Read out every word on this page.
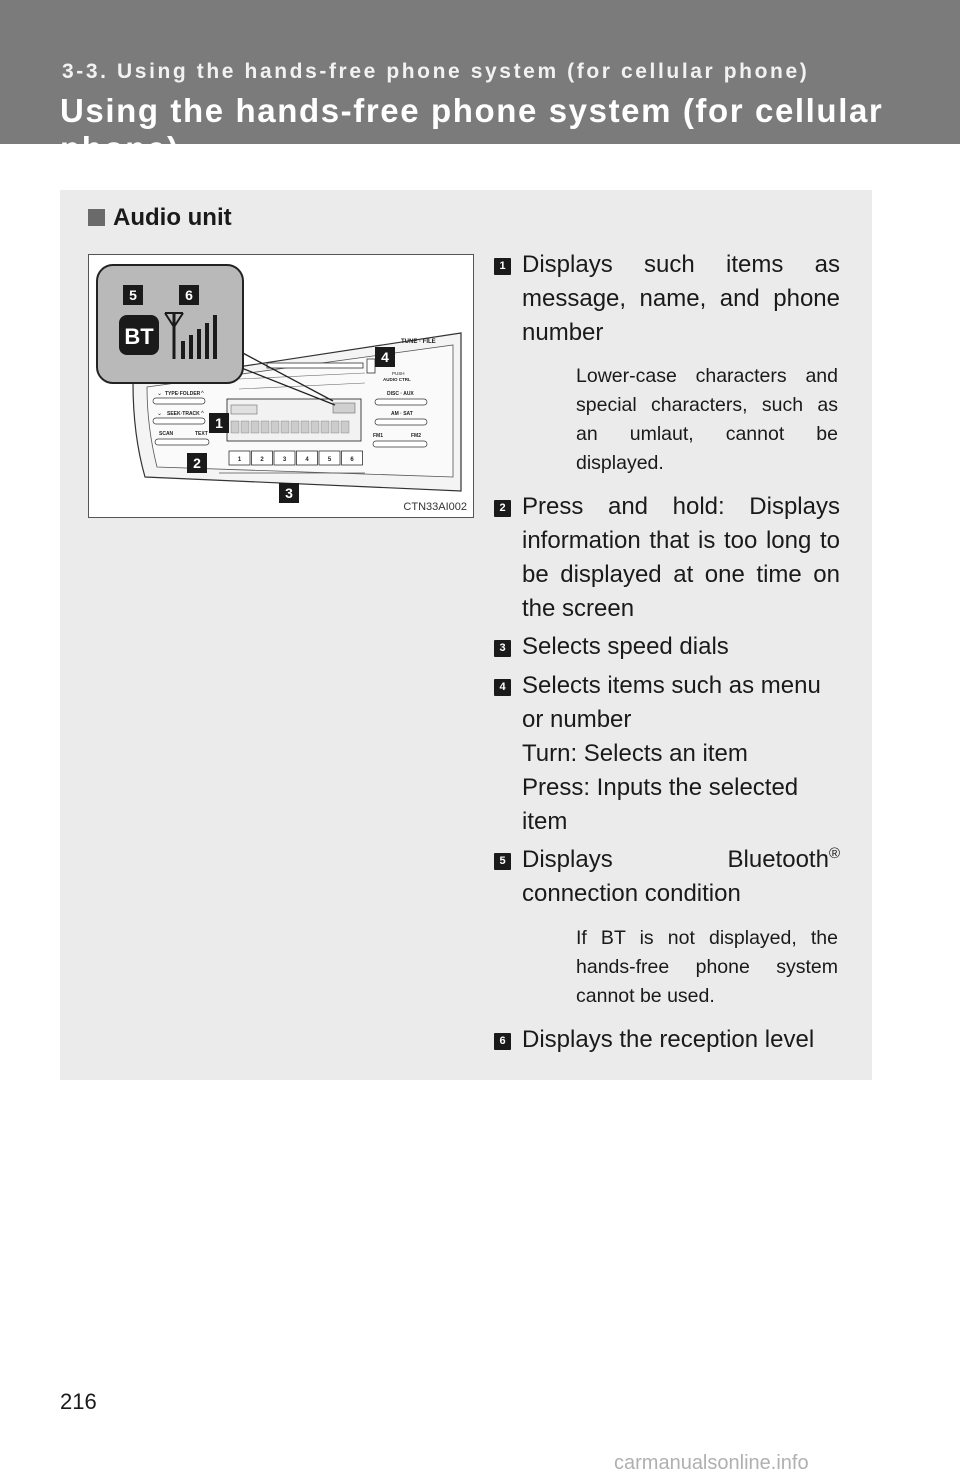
3-3. Using the hands-free phone system (for cellular phone)
Using the hands-free phone system (for cellular phone)
Audio unit
TUNE · FILE
PUSH
AUDIO CTRL
TYPE·FOLDER
⌄	^
SEEK·TRACK
⌄	^
SCAN	TEXT
DISC · AUX
AM · SAT
FM1	FM2
1	2	3	4	5	6
BT
1
2
3
4
5	6
CTN33AI002
1 Displays such items as message, name, and phone number
Lower-case characters and special characters, such as an umlaut, cannot be displayed.
2 Press and hold: Displays information that is too long to be displayed at one time on the screen
3 Selects speed dials
4 Selects items such as menu or number
Turn: Selects an item
Press: Inputs the selected item
5 Displays Bluetooth® connection condition
If BT is not displayed, the hands-free phone system cannot be used.
6 Displays the reception level
216
carmanualsonline.info
